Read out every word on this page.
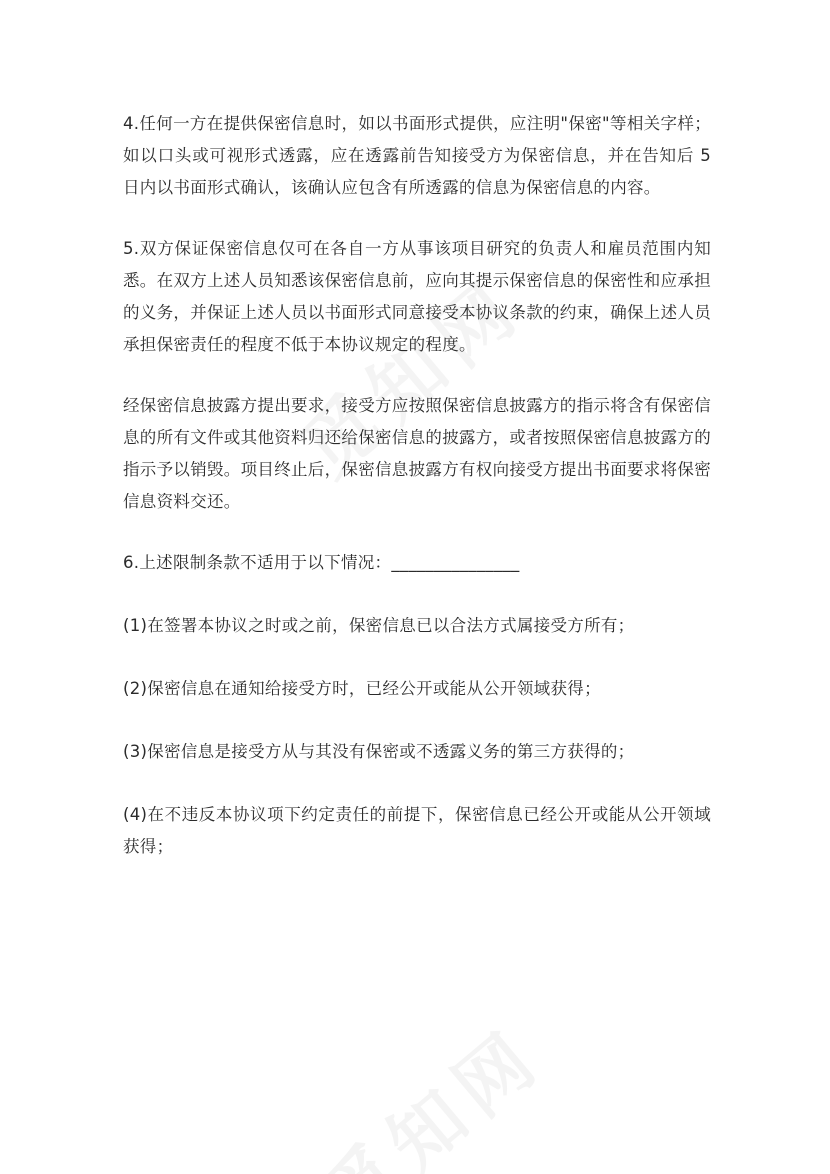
4.任何一方在提供保密信息时，如以书面形式提供，应注明"保密"等相关字样；如以口头或可视形式透露，应在透露前告知接受方为保密信息，并在告知后 5 日内以书面形式确认，该确认应包含有所透露的信息为保密信息的内容。

5.双方保证保密信息仅可在各自一方从事该项目研究的负责人和雇员范围内知悉。在双方上述人员知悉该保密信息前，应向其提示保密信息的保密性和应承担的义务，并保证上述人员以书面形式同意接受本协议条款的约束，确保上述人员承担保密责任的程度不低于本协议规定的程度。

经保密信息披露方提出要求，接受方应按照保密信息披露方的指示将含有保密信息的所有文件或其他资料归还给保密信息的披露方，或者按照保密信息披露方的指示予以销毁。项目终止后，保密信息披露方有权向接受方提出书面要求将保密信息资料交还。

6.上述限制条款不适用于以下情况：_______________

(1)在签署本协议之时或之前，保密信息已以合法方式属接受方所有；

(2)保密信息在通知给接受方时，已经公开或能从公开领域获得；

(3)保密信息是接受方从与其没有保密或不透露义务的第三方获得的；

(4)在不违反本协议项下约定责任的前提下，保密信息已经公开或能从公开领域获得；
